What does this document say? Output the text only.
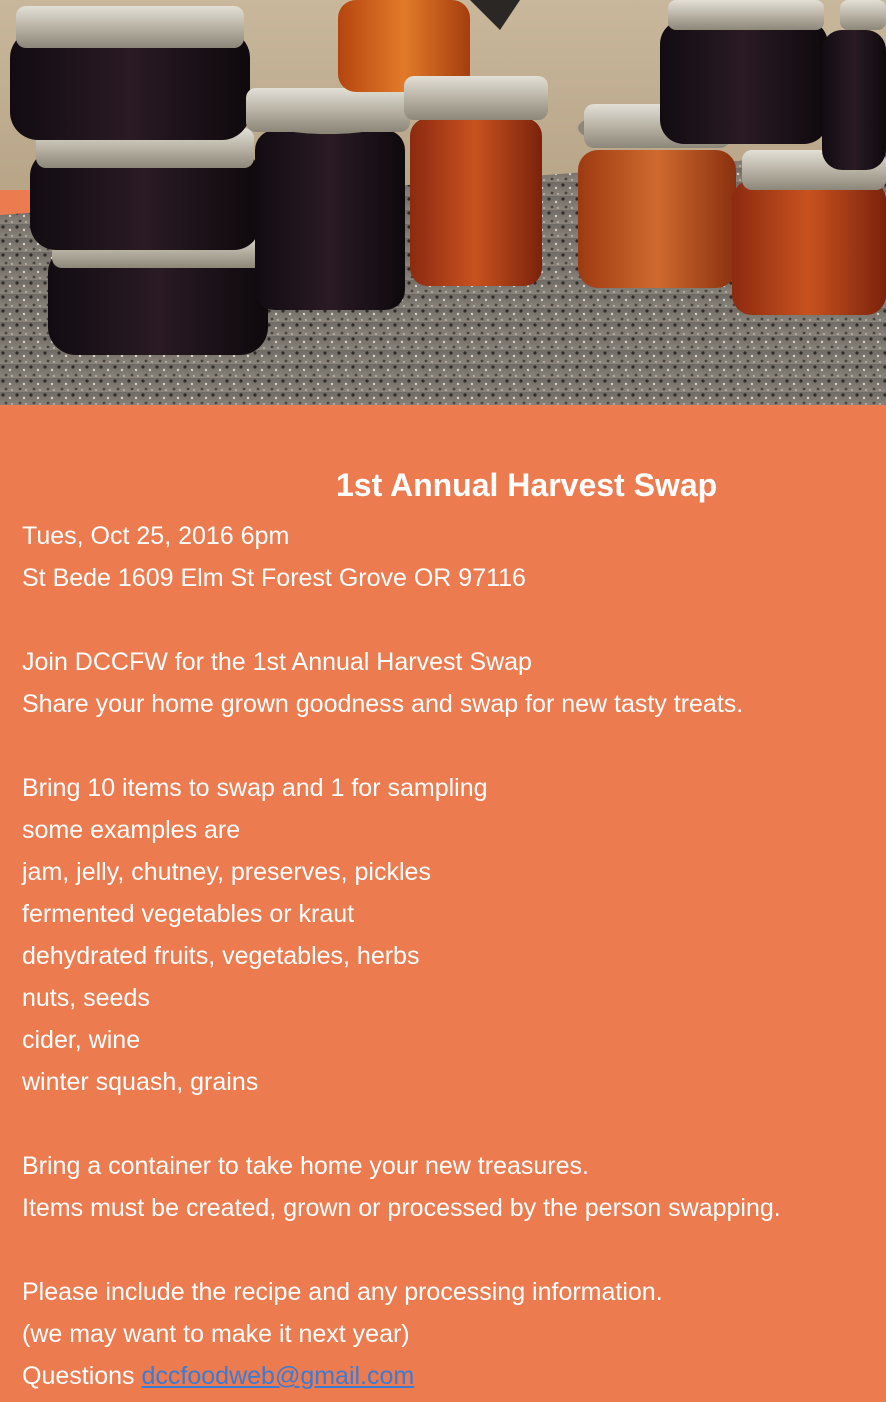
1st Annual Harvest Swap
Tues, Oct 25, 2016 6pm
St Bede 1609 Elm St Forest Grove OR 97116
Join DCCFW for the 1st Annual Harvest Swap
Share your home grown goodness and swap for new tasty treats.
Bring 10 items to swap and 1 for sampling
some examples are
jam, jelly, chutney, preserves, pickles
fermented vegetables or kraut
dehydrated fruits, vegetables, herbs
nuts, seeds
cider, wine
winter squash, grains
Bring a container to take home your new treasures.
Items must be created, grown or processed by the person swapping.
Please include the recipe and any processing information.
(we may want to make it next year)
Questions dccfoodweb@gmail.com
